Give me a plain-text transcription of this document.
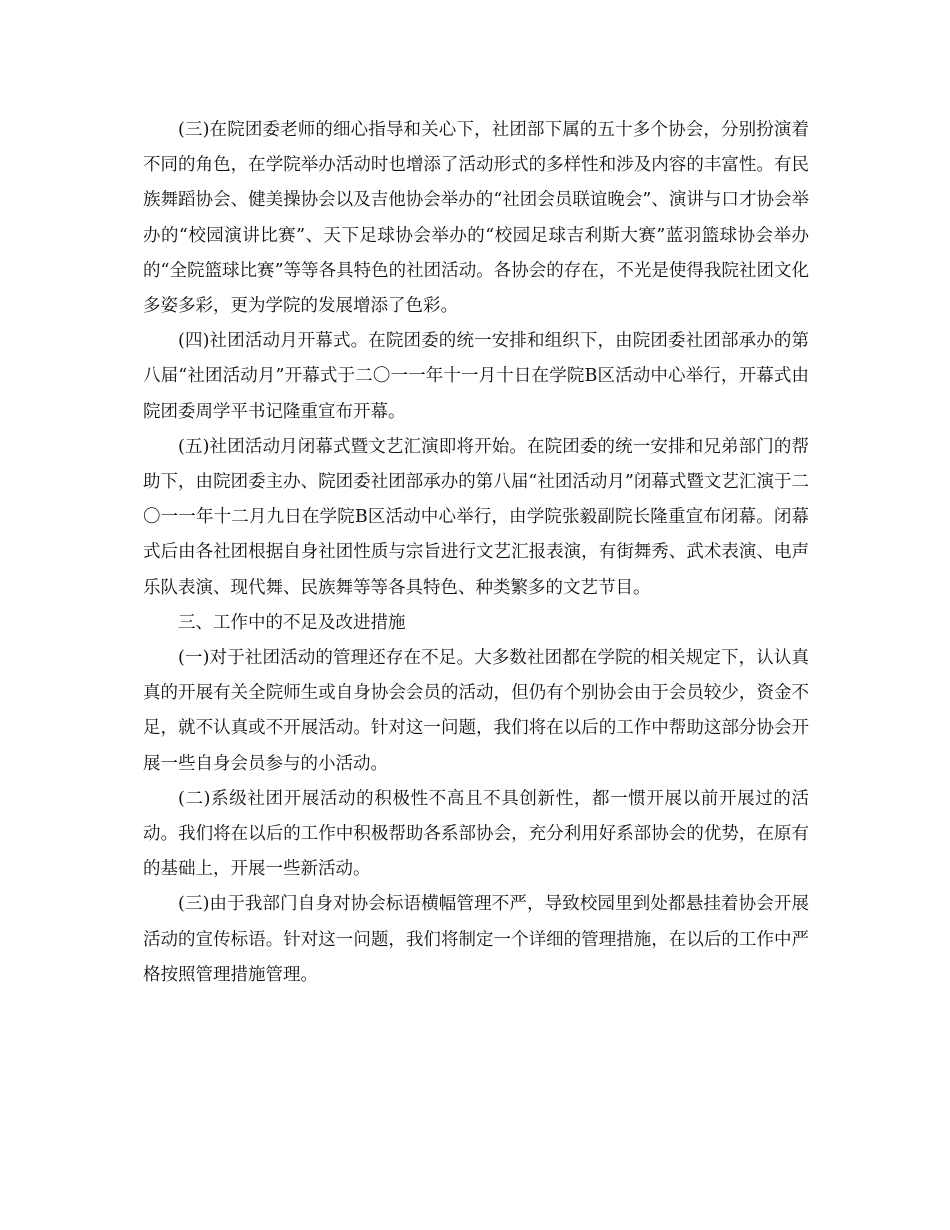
(三)在院团委老师的细心指导和关心下，社团部下属的五十多个协会，分别扮演着不同的角色，在学院举办活动时也增添了活动形式的多样性和涉及内容的丰富性。有民族舞蹈协会、健美操协会以及吉他协会举办的“社团会员联谊晚会”、演讲与口才协会举办的“校园演讲比赛”、天下足球协会举办的“校园足球吉利斯大赛”蓝羽篮球协会举办的“全院篮球比赛”等等各具特色的社团活动。各协会的存在，不光是使得我院社团文化多姿多彩，更为学院的发展增添了色彩。

(四)社团活动月开幕式。在院团委的统一安排和组织下，由院团委社团部承办的第八届“社团活动月”开幕式于二〇一一年十一月十日在学院B区活动中心举行，开幕式由院团委周学平书记隆重宣布开幕。

(五)社团活动月闭幕式暨文艺汇演即将开始。在院团委的统一安排和兄弟部门的帮助下，由院团委主办、院团委社团部承办的第八届“社团活动月”闭幕式暨文艺汇演于二〇一一年十二月九日在学院B区活动中心举行，由学院张毅副院长隆重宣布闭幕。闭幕式后由各社团根据自身社团性质与宗旨进行文艺汇报表演，有街舞秀、武术表演、电声乐队表演、现代舞、民族舞等等各具特色、种类繁多的文艺节目。

三、工作中的不足及改进措施

(一)对于社团活动的管理还存在不足。大多数社团都在学院的相关规定下，认认真真的开展有关全院师生或自身协会会员的活动，但仍有个别协会由于会员较少，资金不足，就不认真或不开展活动。针对这一问题，我们将在以后的工作中帮助这部分协会开展一些自身会员参与的小活动。

(二)系级社团开展活动的积极性不高且不具创新性，都一惯开展以前开展过的活动。我们将在以后的工作中积极帮助各系部协会，充分利用好系部协会的优势，在原有的基础上，开展一些新活动。

(三)由于我部门自身对协会标语横幅管理不严，导致校园里到处都悬挂着协会开展活动的宣传标语。针对这一问题，我们将制定一个详细的管理措施，在以后的工作中严格按照管理措施管理。
